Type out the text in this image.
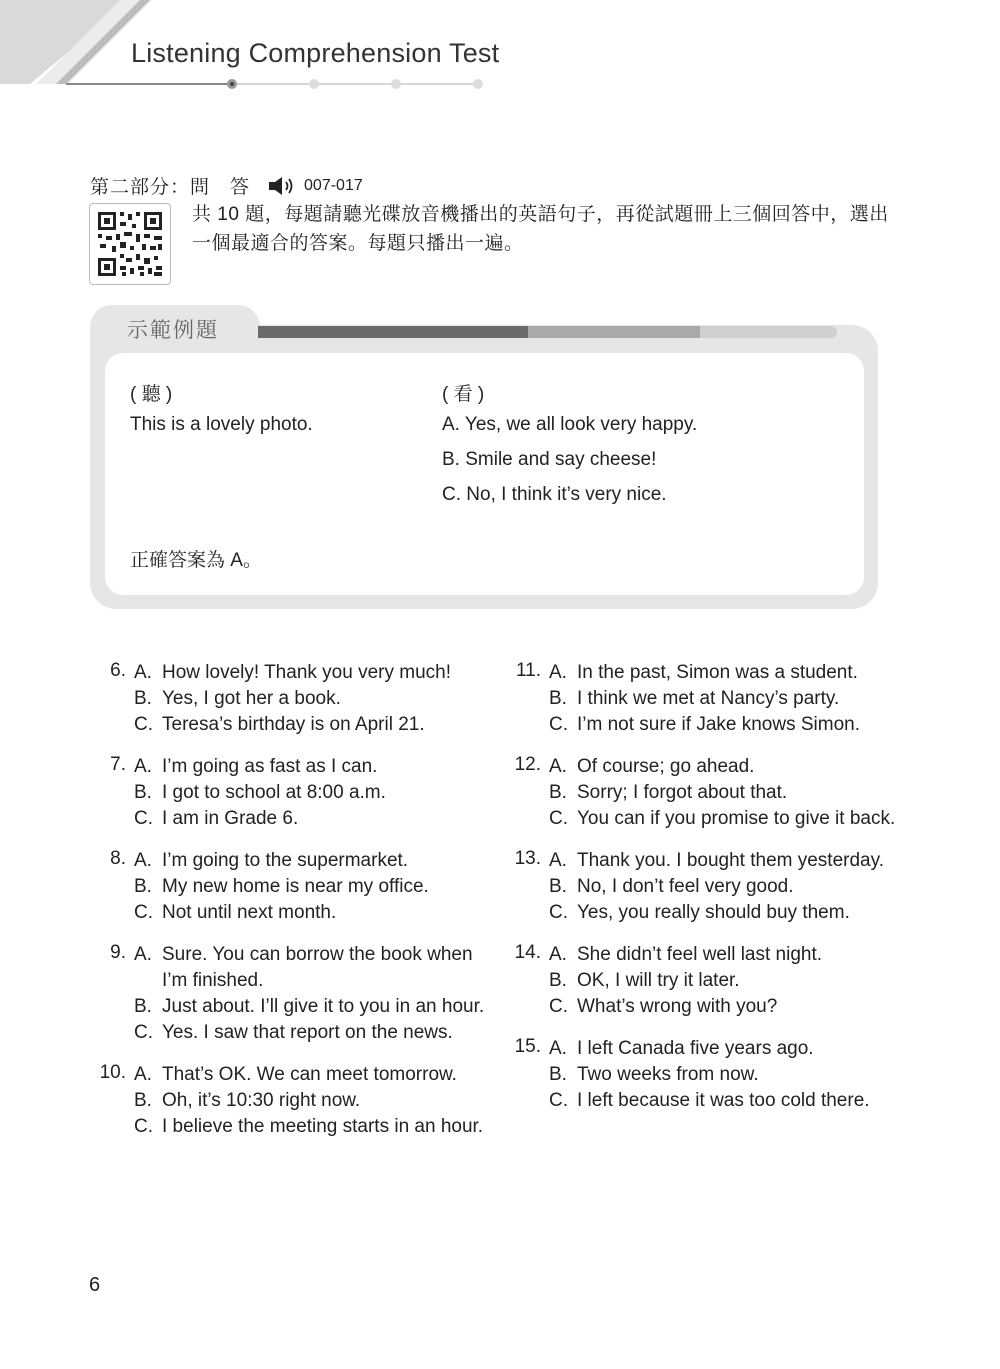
Listening Comprehension Test
第二部分：問　答	007-017
共 10 題，每題請聽光碟放音機播出的英語句子，再從試題冊上三個回答中，選出一個最適合的答案。每題只播出一遍。
示範例題
( 聽 )
This is a lovely photo.
( 看 )
A. Yes, we all look very happy.
B. Smile and say cheese!
C. No, I think it’s very nice.
正確答案為 A。
6. A. How lovely! Thank you very much!
B. Yes, I got her a book.
C. Teresa’s birthday is on April 21.
7. A. I’m going as fast as I can.
B. I got to school at 8:00 a.m.
C. I am in Grade 6.
8. A. I’m going to the supermarket.
B. My new home is near my office.
C. Not until next month.
9. A. Sure. You can borrow the book when I’m finished.
B. Just about. I’ll give it to you in an hour.
C. Yes. I saw that report on the news.
10. A. That’s OK. We can meet tomorrow.
B. Oh, it’s 10:30 right now.
C. I believe the meeting starts in an hour.
11. A. In the past, Simon was a student.
B. I think we met at Nancy’s party.
C. I’m not sure if Jake knows Simon.
12. A. Of course; go ahead.
B. Sorry; I forgot about that.
C. You can if you promise to give it back.
13. A. Thank you. I bought them yesterday.
B. No, I don’t feel very good.
C. Yes, you really should buy them.
14. A. She didn’t feel well last night.
B. OK, I will try it later.
C. What’s wrong with you?
15. A. I left Canada five years ago.
B. Two weeks from now.
C. I left because it was too cold there.
6
